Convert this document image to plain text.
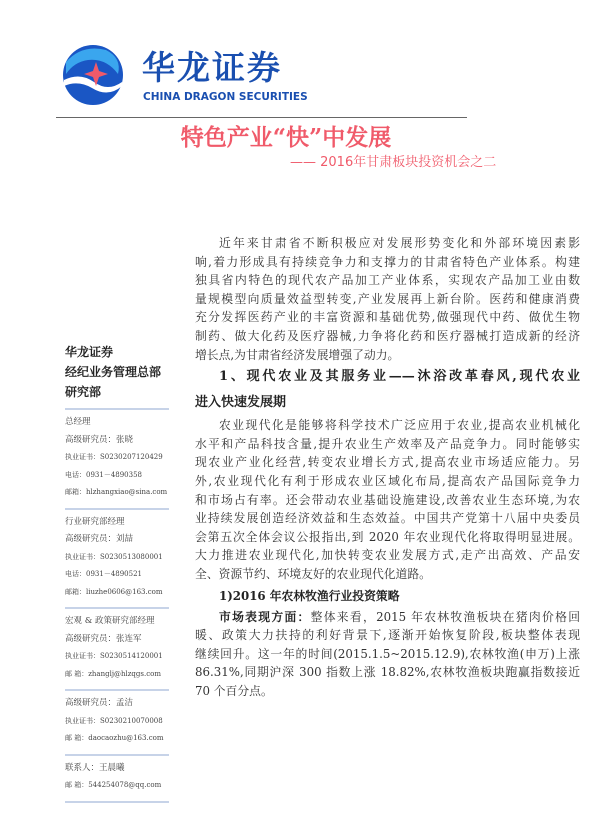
华龙证券
CHINA DRAGON SECURITIES
特色产业“快”中发展
—— 2016年甘肃板块投资机会之二
华龙证券
经纪业务管理总部
研究部
总经理
高级研究员：张晓
执业证书：S0230207120429
电话：0931－4890358
邮箱：hlzhangxiao@sina.com
行业研究部经理
高级研究员：刘喆
执业证书：S0230513080001
电话：0931－4890521
邮箱：liuzhe0606@163.com
宏观 & 政策研究部经理
高级研究员：张连军
执业证书：S0230514120001
邮 箱：zhanglj@hlzqgs.com
高级研究员：孟洁
执业证书：S0230210070008
邮 箱：daocaozhu@163.com
联系人：王晨曦
邮 箱：544254078@qq.com
近年来甘肃省不断积极应对发展形势变化和外部环境因素影
响,着力形成具有持续竞争力和支撑力的甘肃省特色产业体系。构建
独具省内特色的现代农产品加工产业体系，实现农产品加工业由数
量规模型向质量效益型转变,产业发展再上新台阶。医药和健康消费
充分发挥医药产业的丰富资源和基础优势,做强现代中药、做优生物
制药、做大化药及医疗器械,力争将化药和医疗器械打造成新的经济
增长点,为甘肃省经济发展增强了动力。
1、现代农业及其服务业——沐浴改革春风,现代农业
进入快速发展期
农业现代化是能够将科学技术广泛应用于农业,提高农业机械化
水平和产品科技含量,提升农业生产效率及产品竞争力。同时能够实
现农业产业化经营,转变农业增长方式,提高农业市场适应能力。另
外,农业现代化有利于形成农业区域化布局,提高农产品国际竞争力
和市场占有率。还会带动农业基础设施建设,改善农业生态环境,为农
业持续发展创造经济效益和生态效益。中国共产党第十八届中央委员
会第五次全体会议公报指出,到 2020 年农业现代化将取得明显进展。
大力推进农业现代化,加快转变农业发展方式,走产出高效、产品安
全、资源节约、环境友好的农业现代化道路。
1)2016 年农林牧渔行业投资策略
市场表现方面：整体来看，2015 年农林牧渔板块在猪肉价格回
暖、政策大力扶持的利好背景下,逐渐开始恢复阶段,板块整体表现
继续回升。这一年的时间(2015.1.5~2015.12.9),农林牧渔(申万)上涨
86.31%,同期沪深 300 指数上涨 18.82%,农林牧渔板块跑赢指数接近
70 个百分点。
